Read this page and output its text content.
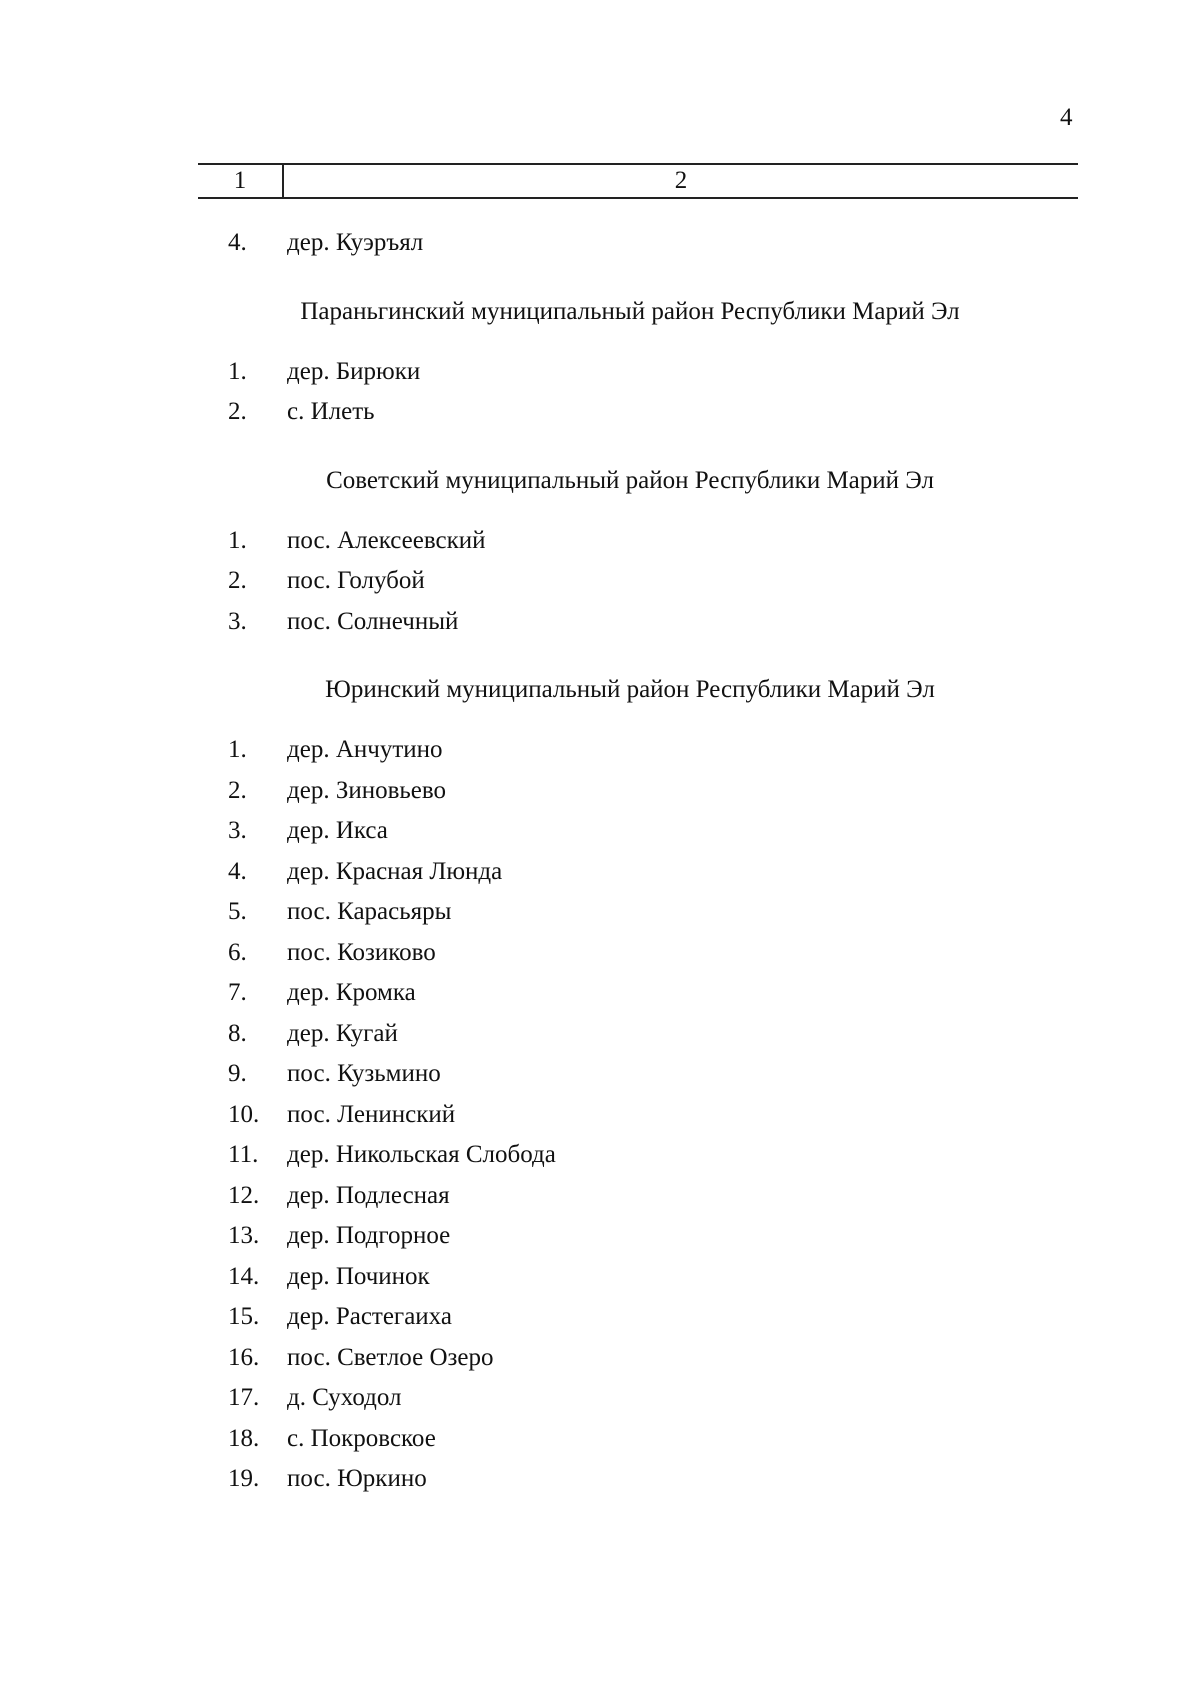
4
1	2
4.	дер. Куэръял
Параньгинский муниципальный район Республики Марий Эл
1.	дер. Бирюки
2.	с. Илеть
Советский муниципальный район Республики Марий Эл
1.	пос. Алексеевский
2.	пос. Голубой
3.	пос. Солнечный
Юринский муниципальный район Республики Марий Эл
1.	дер. Анчутино
2.	дер. Зиновьево
3.	дер. Икса
4.	дер. Красная Люнда
5.	пос. Карасьяры
6.	пос. Козиково
7.	дер. Кромка
8.	дер. Кугай
9.	пос. Кузьмино
10.	пос. Ленинский
11.	дер. Никольская Слобода
12.	дер. Подлесная
13.	дер. Подгорное
14.	дер. Починок
15.	дер. Растегаиха
16.	пос. Светлое Озеро
17.	д. Суходол
18.	с. Покровское
19.	пос. Юркино
